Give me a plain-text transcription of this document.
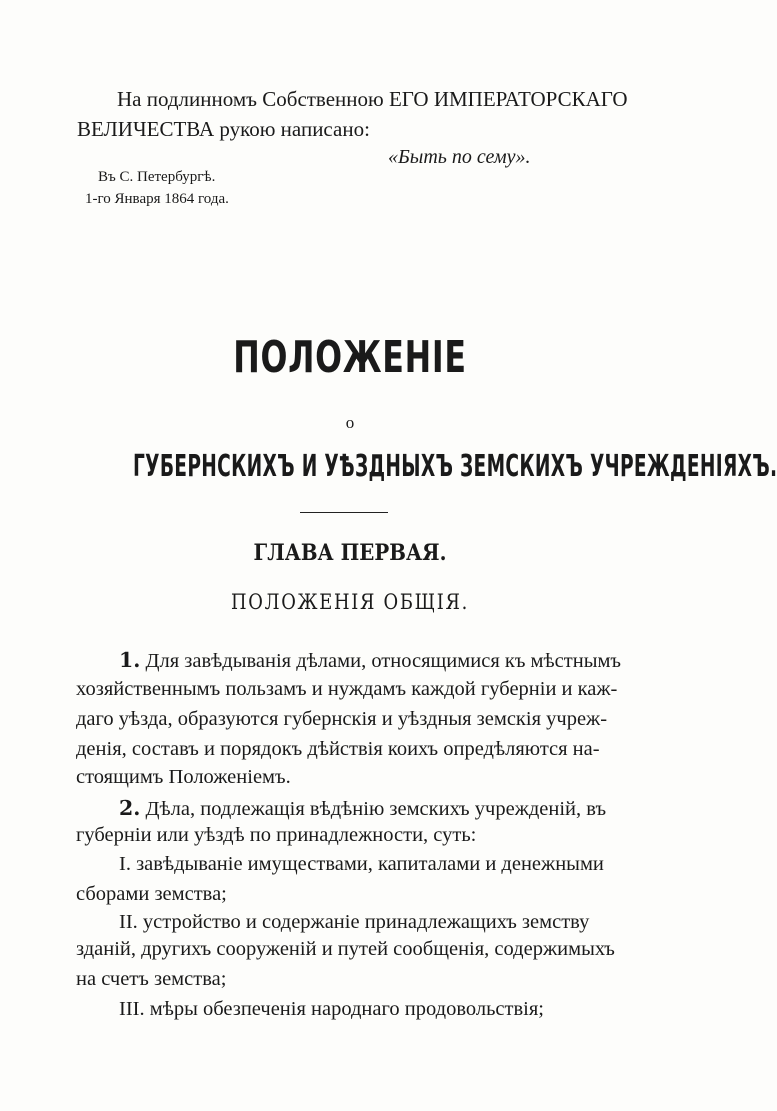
На подлинномъ Собственною ЕГО ИМПЕРАТОРСКАГО
ВЕЛИЧЕСТВА рукою написано:
«Быть по сему».
Въ С. Петербургѣ.
1-го Января 1864 года.
ПОЛОЖЕНІЕ
о
ГУБЕРНСКИХЪ И УѢЗДНЫХЪ ЗЕМСКИХЪ УЧРЕЖДЕНІЯХЪ.
ГЛАВА ПЕРВАЯ.
ПОЛОЖЕНІЯ ОБЩІЯ.
1. Для завѣдыванія дѣлами, относящимися къ мѣстнымъ
хозяйственнымъ пользамъ и нуждамъ каждой губерніи и каж-
даго уѣзда, образуются губернскія и уѣздныя земскія учреж-
денія, составъ и порядокъ дѣйствія коихъ опредѣляются на-
стоящимъ Положеніемъ.
2. Дѣла, подлежащія вѣдѣнію земскихъ учрежденій, въ
губерніи или уѣздѣ по принадлежности, суть:
I. завѣдываніе имуществами, капиталами и денежными
сборами земства;
II. устройство и содержаніе принадлежащихъ земству
зданій, другихъ сооруженій и путей сообщенія, содержимыхъ
на счетъ земства;
III. мѣры обезпеченія народнаго продовольствія;
